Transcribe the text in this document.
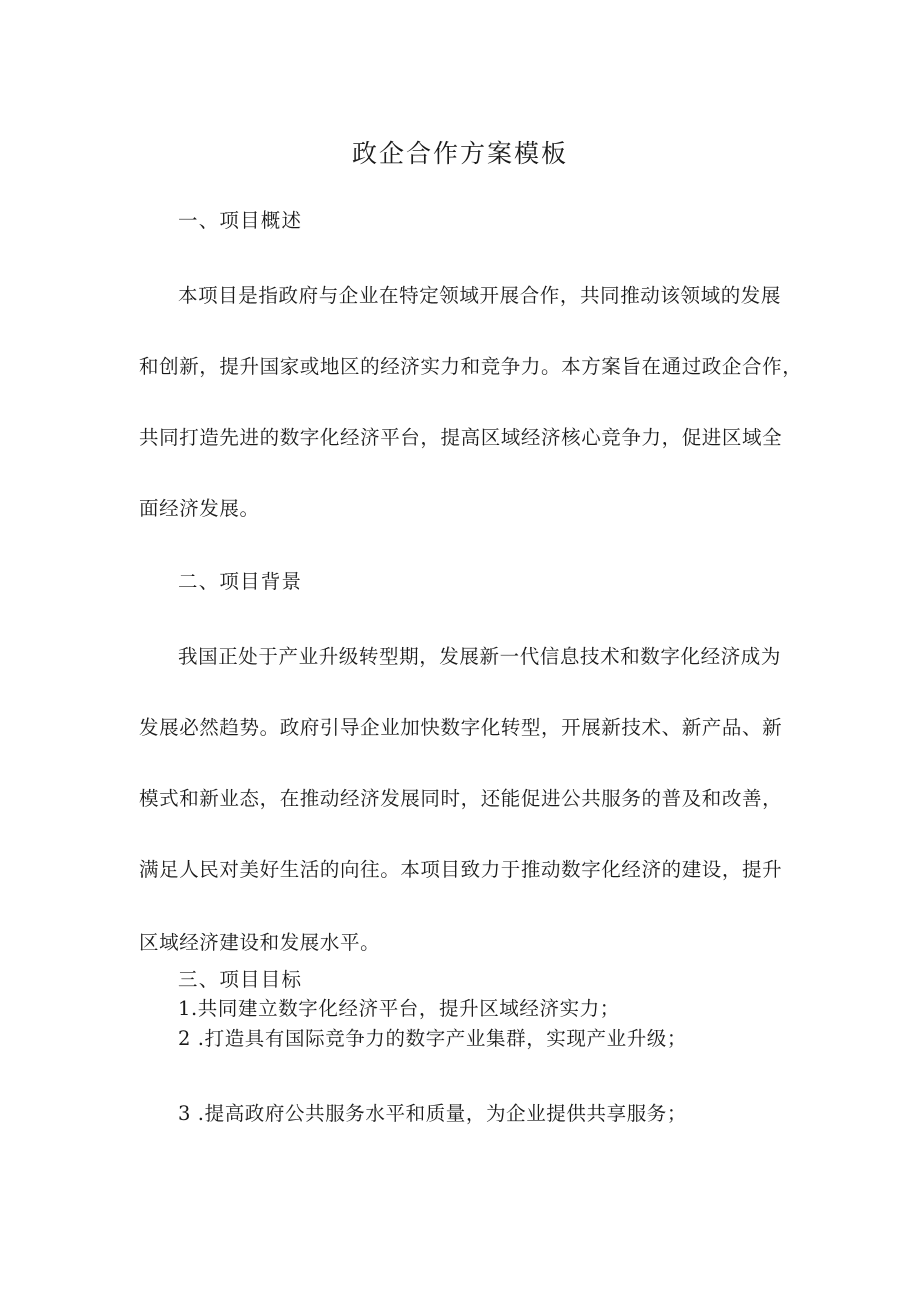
政企合作方案模板
一、项目概述
本项目是指政府与企业在特定领域开展合作，共同推动该领域的发展
和创新，提升国家或地区的经济实力和竞争力。本方案旨在通过政企合作，
共同打造先进的数字化经济平台，提高区域经济核心竞争力，促进区域全
面经济发展。
二、项目背景
我国正处于产业升级转型期，发展新一代信息技术和数字化经济成为
发展必然趋势。政府引导企业加快数字化转型，开展新技术、新产品、新
模式和新业态，在推动经济发展同时，还能促进公共服务的普及和改善，
满足人民对美好生活的向往。本项目致力于推动数字化经济的建设，提升
区域经济建设和发展水平。
三、项目目标
1.共同建立数字化经济平台，提升区域经济实力；
2 .打造具有国际竞争力的数字产业集群，实现产业升级；
3 .提高政府公共服务水平和质量，为企业提供共享服务；
